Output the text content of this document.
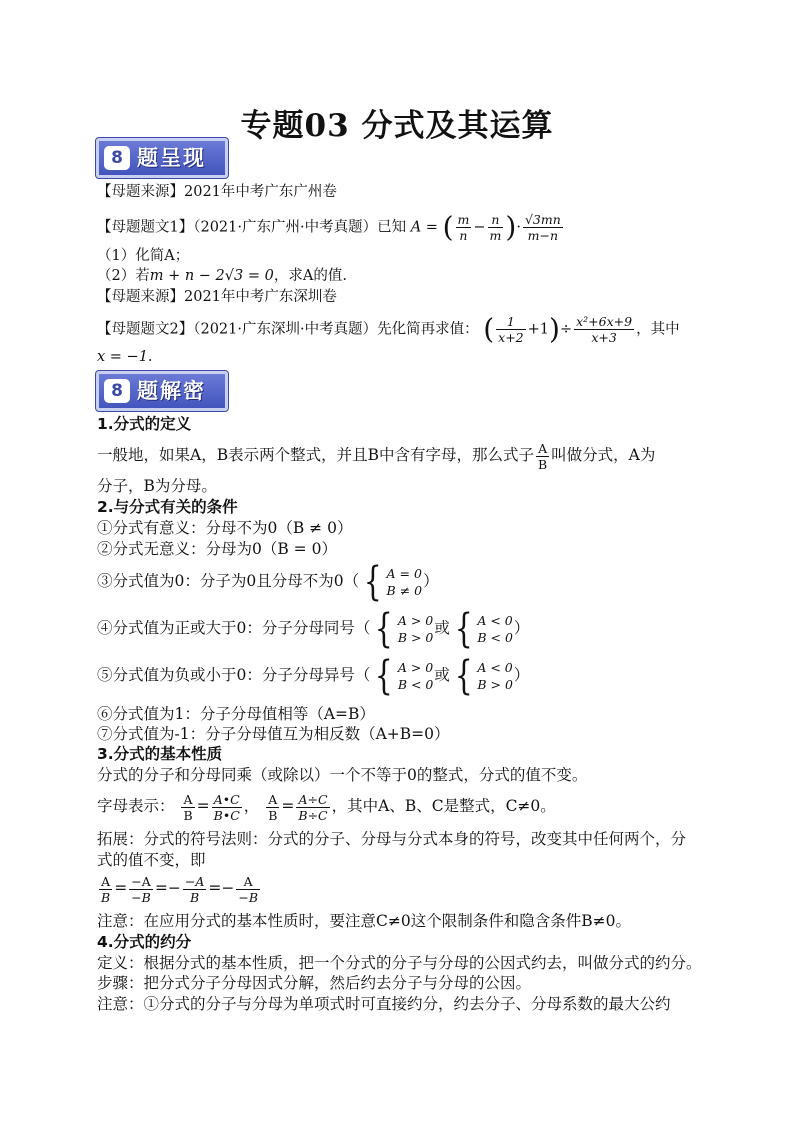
专题03 分式及其运算
8 题呈现
【母题来源】2021年中考广东广州卷
【母题题文1】（2021·广东广州·中考真题）已知 A = ( $\frac{m}{n} - \frac{n}{m}$ )· $\frac{√3mn}{m-n}$
（1）化简A；
（2）若m + n − 2√3 = 0，求A的值.
【母题来源】2021年中考广东深圳卷
【母题题文2】（2021·广东深圳·中考真题）先化简再求值： ( $\frac{1}{x+2} +1)\div \frac{\text{x²+6x+9}}{x+3}$ ，其中
x = −1.
8 题解密
1.分式的定义
一般地，如果A，B表示两个整式，并且B中含有字母，那么式子 $\frac{A}{B}$ 叫做分式，A为
分子，B为分母。
2.与分式有关的条件
①分式有意义：分母不为0（B ≠ 0）
②分式无意义：分母为0（B = 0）
③分式值为0：分子为0且分母不为0（ { A = 0
B ≠ 0
）
④分式值为正或大于0：分子分母同号（ { A > 0
B > 0
或 { A < 0
B < 0
）
⑤分式值为负或小于0：分子分母异号（ { A > 0
B < 0
或 { A < 0
B > 0
）
⑥分式值为1：分子分母值相等（A=B）
⑦分式值为-1：分子分母值互为相反数（A+B=0）
3.分式的基本性质
分式的分子和分母同乘（或除以）一个不等于0的整式，分式的值不变。
字母表示： $\frac{A}{B} = \frac{A•C}{B•C}$ ， $\frac{A}{B} = \frac{A\div C}{B\div C}$ ，其中A、B、C是整式，C≠0。
拓展：分式的符号法则：分式的分子、分母与分式本身的符号，改变其中任何两个，分
式的值不变，即
$\frac{A}{B} = \frac{-A}{-B} =- \frac{-A}{B} =- \frac{A}{-B}$
注意：在应用分式的基本性质时，要注意C≠0这个限制条件和隐含条件B≠0。
4.分式的约分
定义：根据分式的基本性质，把一个分式的分子与分母的公因式约去，叫做分式的约分。
步骤：把分式分子分母因式分解，然后约去分子与分母的公因。
注意：①分式的分子与分母为单项式时可直接约分，约去分子、分母系数的最大公约
